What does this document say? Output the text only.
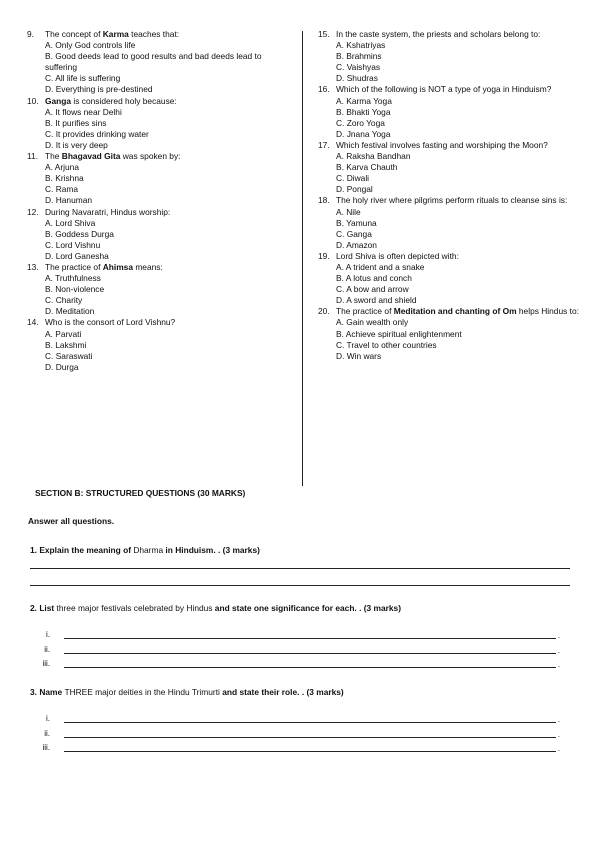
9. The concept of Karma teaches that:
A. Only God controls life
B. Good deeds lead to good results and bad deeds lead to
suffering
C. All life is suffering
D. Everything is pre-destined
10. Ganga is considered holy because:
A. It flows near Delhi
B. It purifies sins
C. It provides drinking water
D. It is very deep
11. The Bhagavad Gita was spoken by:
A. Arjuna
B. Krishna
C. Rama
D. Hanuman
12. During Navaratri, Hindus worship:
A. Lord Shiva
B. Goddess Durga
C. Lord Vishnu
D. Lord Ganesha
13. The practice of Ahimsa means:
A. Truthfulness
B. Non-violence
C. Charity
D. Meditation
14. Who is the consort of Lord Vishnu?
A. Parvati
B. Lakshmi
C. Saraswati
D. Durga
15. In the caste system, the priests and scholars belong to:
A. Kshatriyas
B. Brahmins
C. Vaishyas
D. Shudras
16. Which of the following is NOT a type of yoga in Hinduism?
A. Karma Yoga
B. Bhakti Yoga
C. Zoro Yoga
D. Jnana Yoga
17. Which festival involves fasting and worshiping the Moon?
A. Raksha Bandhan
B. Karva Chauth
C. Diwali
D. Pongal
18. The holy river where pilgrims perform rituals to cleanse sins is:
A. Nile
B. Yamuna
C. Ganga
D. Amazon
19. Lord Shiva is often depicted with:
A. A trident and a snake
B. A lotus and conch
C. A bow and arrow
D. A sword and shield
20. The practice of Meditation and chanting of Om helps Hindus to:
A. Gain wealth only
B. Achieve spiritual enlightenment
C. Travel to other countries
D. Win wars
SECTION B: STRUCTURED QUESTIONS (30 MARKS)
Answer all questions.
1. Explain the meaning of Dharma in Hinduism. . (3 marks)
2. List three major festivals celebrated by Hindus and state one significance for each. . (3 marks)
i.	.
ii.	.
iii.	.
3. Name THREE major deities in the Hindu Trimurti and state their role. . (3 marks)
i.	.
ii.	.
iii.	.
